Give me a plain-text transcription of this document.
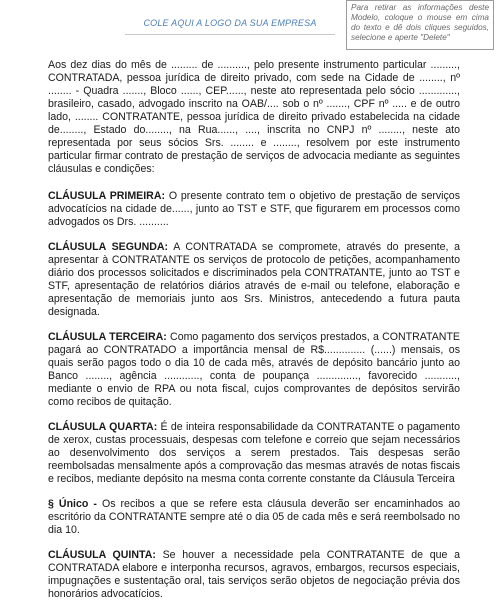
COLE AQUI A LOGO DA SUA EMPRESA
Para retirar as informações deste Modelo, coloque o mouse em cima do texto e dê dois cliques seguidos, selecione e aperte "Delete"

Aos dez dias do mês de ......... de .........., pelo presente instrumento particular ........., CONTRATADA, pessoa jurídica de direito privado, com sede na Cidade de ........, nº ........ - Quadra ......., Bloco ......, CEP......, neste ato representada pelo sócio ............., brasileiro, casado, advogado inscrito na OAB/.... sob o nº ......., CPF nº ..... e de outro lado, ........ CONTRATANTE, pessoa jurídica de direito privado estabelecida na cidade de........, Estado do........, na Rua......, ...., inscrita no CNPJ nº ........, neste ato representada por seus sócios Srs. ........ e ........, resolvem por este instrumento particular firmar contrato de prestação de serviços de advocacia mediante as seguintes cláusulas e condições:

CLÁUSULA PRIMEIRA: O presente contrato tem o objetivo de prestação de serviços advocatícios na cidade de......, junto ao TST e STF, que figurarem em processos como advogados os Drs. ..........

CLÁUSULA SEGUNDA: A CONTRATADA se compromete, através do presente, a apresentar à CONTRATANTE os serviços de protocolo de petições, acompanhamento diário dos processos solicitados e discriminados pela CONTRATANTE, junto ao TST e STF, apresentação de relatórios diários através de e-mail ou telefone, elaboração e apresentação de memoriais junto aos Srs. Ministros, antecedendo a futura pauta designada.

CLÁUSULA TERCEIRA: Como pagamento dos serviços prestados, a CONTRATANTE pagará ao CONTRATADO a importância mensal de R$.............. (......) mensais, os quais serão pagos todo o dia 10 de cada mês, através de depósito bancário junto ao Banco ........, agência ............, conta de poupança .............., favorecido ..........., mediante o envio de RPA ou nota fiscal, cujos comprovantes de depósitos servirão como recibos de quitação.

CLÁUSULA QUARTA: É de inteira responsabilidade da CONTRATANTE o pagamento de xerox, custas processuais, despesas com telefone e correio que sejam necessários ao desenvolvimento dos serviços a serem prestados. Tais despesas serão reembolsadas mensalmente após a comprovação das mesmas através de notas fiscais e recibos, mediante depósito na mesma conta corrente constante da Cláusula Terceira

§ Único - Os recibos a que se refere esta cláusula deverão ser encaminhados ao escritório da CONTRATANTE sempre até o dia 05 de cada mês e será reembolsado no dia 10.

CLÁUSULA QUINTA: Se houver a necessidade pela CONTRATANTE de que a CONTRATADA elabore e interponha recursos, agravos, embargos, recursos especiais, impugnações e sustentação oral, tais serviços serão objetos de negociação prévia dos honorários advocatícios.
